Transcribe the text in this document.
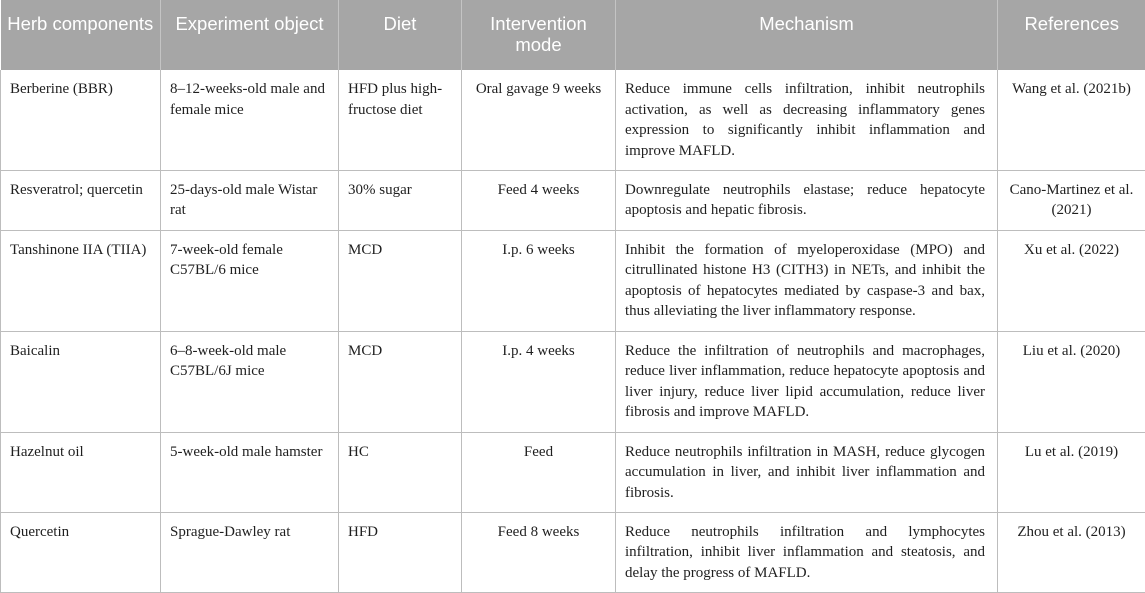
Herb components	Experiment object	Diet	Intervention mode	Mechanism	References
Berberine (BBR)	8–12-weeks-old male and female mice	HFD plus high-fructose diet	Oral gavage 9 weeks	Reduce immune cells infiltration, inhibit neutrophils activation, as well as decreasing inflammatory genes expression to significantly inhibit inflammation and improve MAFLD.	Wang et al. (2021b)
Resveratrol; quercetin	25-days-old male Wistar rat	30% sugar	Feed 4 weeks	Downregulate neutrophils elastase; reduce hepatocyte apoptosis and hepatic fibrosis.	Cano-Martinez et al. (2021)
Tanshinone IIA (TIIA)	7-week-old female C57BL/6 mice	MCD	I.p. 6 weeks	Inhibit the formation of myeloperoxidase (MPO) and citrullinated histone H3 (CITH3) in NETs, and inhibit the apoptosis of hepatocytes mediated by caspase-3 and bax, thus alleviating the liver inflammatory response.	Xu et al. (2022)
Baicalin	6–8-week-old male C57BL/6J mice	MCD	I.p. 4 weeks	Reduce the infiltration of neutrophils and macrophages, reduce liver inflammation, reduce hepatocyte apoptosis and liver injury, reduce liver lipid accumulation, reduce liver fibrosis and improve MAFLD.	Liu et al. (2020)
Hazelnut oil	5-week-old male hamster	HC	Feed	Reduce neutrophils infiltration in MASH, reduce glycogen accumulation in liver, and inhibit liver inflammation and fibrosis.	Lu et al. (2019)
Quercetin	Sprague-Dawley rat	HFD	Feed 8 weeks	Reduce neutrophils infiltration and lymphocytes infiltration, inhibit liver inflammation and steatosis, and delay the progress of MAFLD.	Zhou et al. (2013)
